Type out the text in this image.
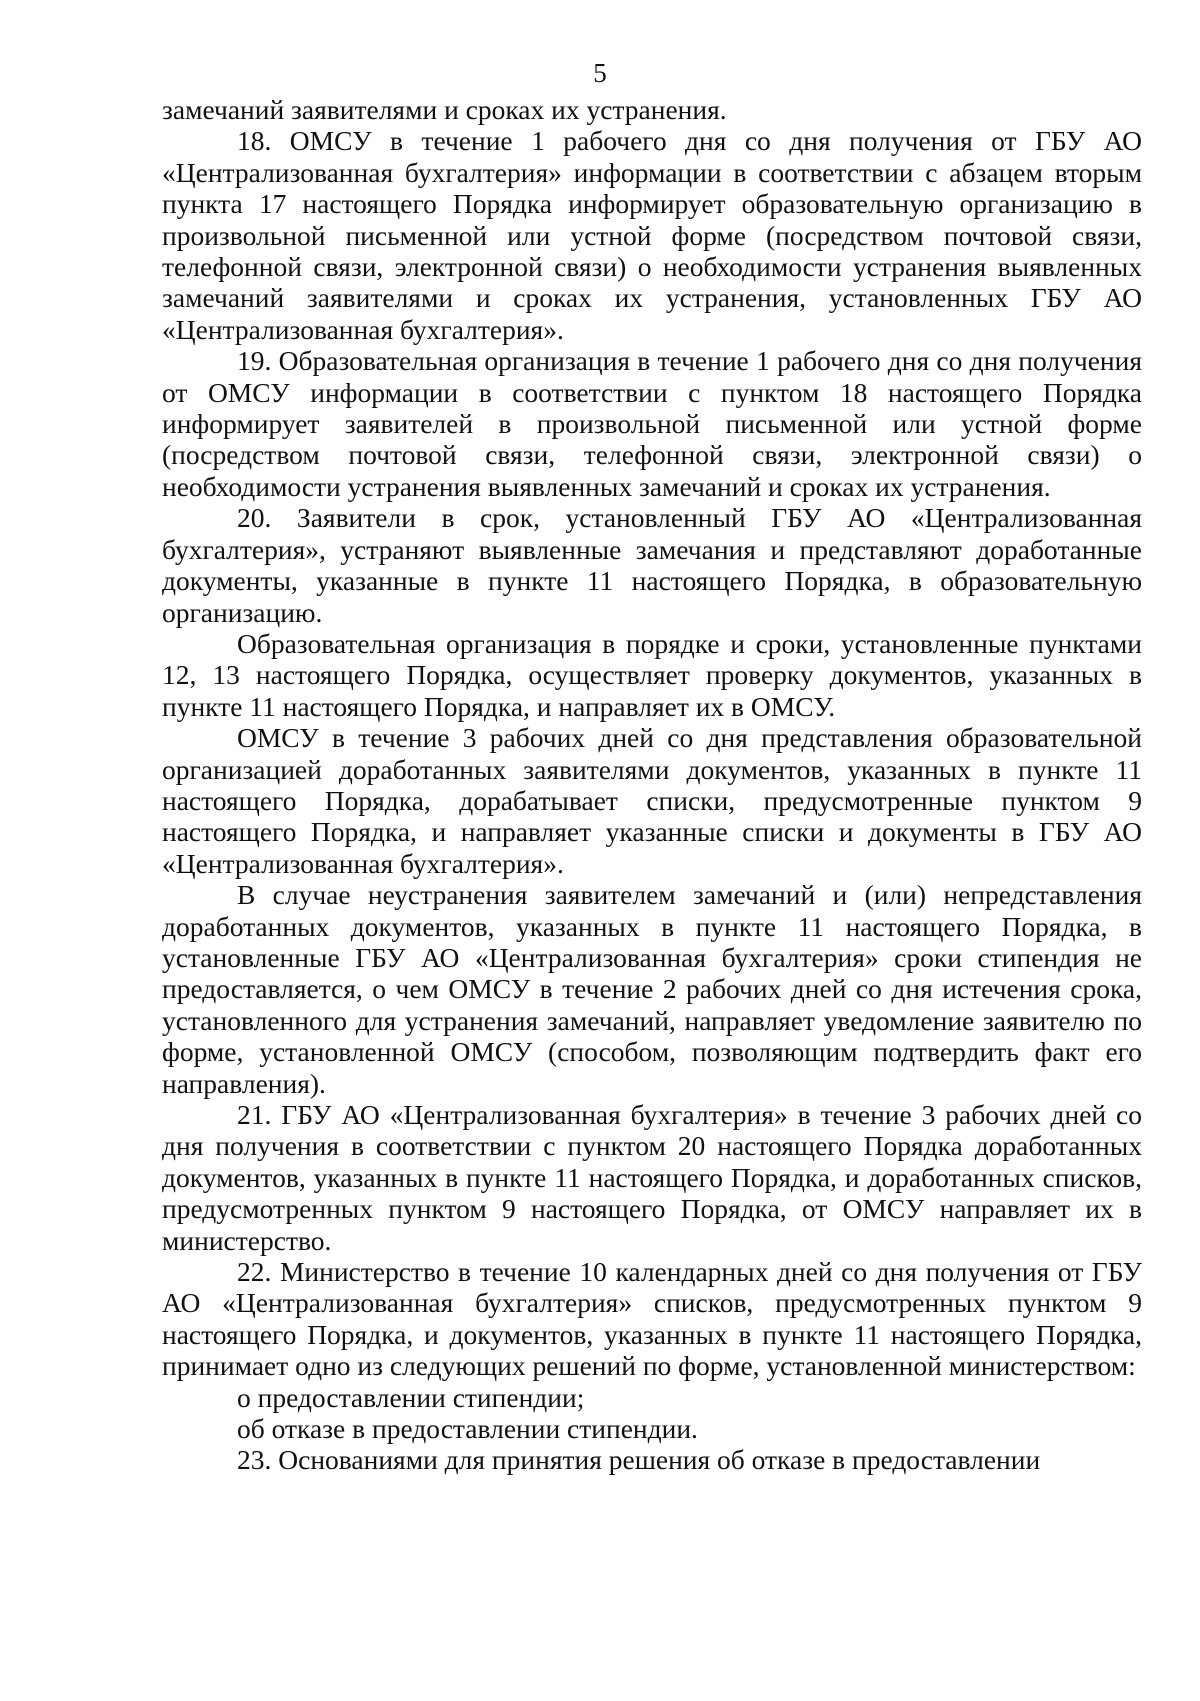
5

замечаний заявителями и сроках их устранения.

18. ОМСУ в течение 1 рабочего дня со дня получения от ГБУ АО «Централизованная бухгалтерия» информации в соответствии с абзацем вторым пункта 17 настоящего Порядка информирует образовательную организацию в произвольной письменной или устной форме (посредством почтовой связи, телефонной связи, электронной связи) о необходимости устранения выявленных замечаний заявителями и сроках их устранения, установленных ГБУ АО «Централизованная бухгалтерия».

19. Образовательная организация в течение 1 рабочего дня со дня получения от ОМСУ информации в соответствии с пунктом 18 настоящего Порядка информирует заявителей в произвольной письменной или устной форме (посредством почтовой связи, телефонной связи, электронной связи) о необходимости устранения выявленных замечаний и сроках их устранения.

20. Заявители в срок, установленный ГБУ АО «Централизованная бухгалтерия», устраняют выявленные замечания и представляют доработанные документы, указанные в пункте 11 настоящего Порядка, в образовательную организацию.

Образовательная организация в порядке и сроки, установленные пунктами 12, 13 настоящего Порядка, осуществляет проверку документов, указанных в пункте 11 настоящего Порядка, и направляет их в ОМСУ.

ОМСУ в течение 3 рабочих дней со дня представления образовательной организацией доработанных заявителями документов, указанных в пункте 11 настоящего Порядка, дорабатывает списки, предусмотренные пунктом 9 настоящего Порядка, и направляет указанные списки и документы в ГБУ АО «Централизованная бухгалтерия».

В случае неустранения заявителем замечаний и (или) непредставления доработанных документов, указанных в пункте 11 настоящего Порядка, в установленные ГБУ АО «Централизованная бухгалтерия» сроки стипендия не предоставляется, о чем ОМСУ в течение 2 рабочих дней со дня истечения срока, установленного для устранения замечаний, направляет уведомление заявителю по форме, установленной ОМСУ (способом, позволяющим подтвердить факт его направления).

21. ГБУ АО «Централизованная бухгалтерия» в течение 3 рабочих дней со дня получения в соответствии с пунктом 20 настоящего Порядка доработанных документов, указанных в пункте 11 настоящего Порядка, и доработанных списков, предусмотренных пунктом 9 настоящего Порядка, от ОМСУ направляет их в министерство.

22. Министерство в течение 10 календарных дней со дня получения от ГБУ АО «Централизованная бухгалтерия» списков, предусмотренных пунктом 9 настоящего Порядка, и документов, указанных в пункте 11 настоящего Порядка, принимает одно из следующих решений по форме, установленной министерством:

о предоставлении стипендии;

об отказе в предоставлении стипендии.

23. Основаниями для принятия решения об отказе в предоставлении
